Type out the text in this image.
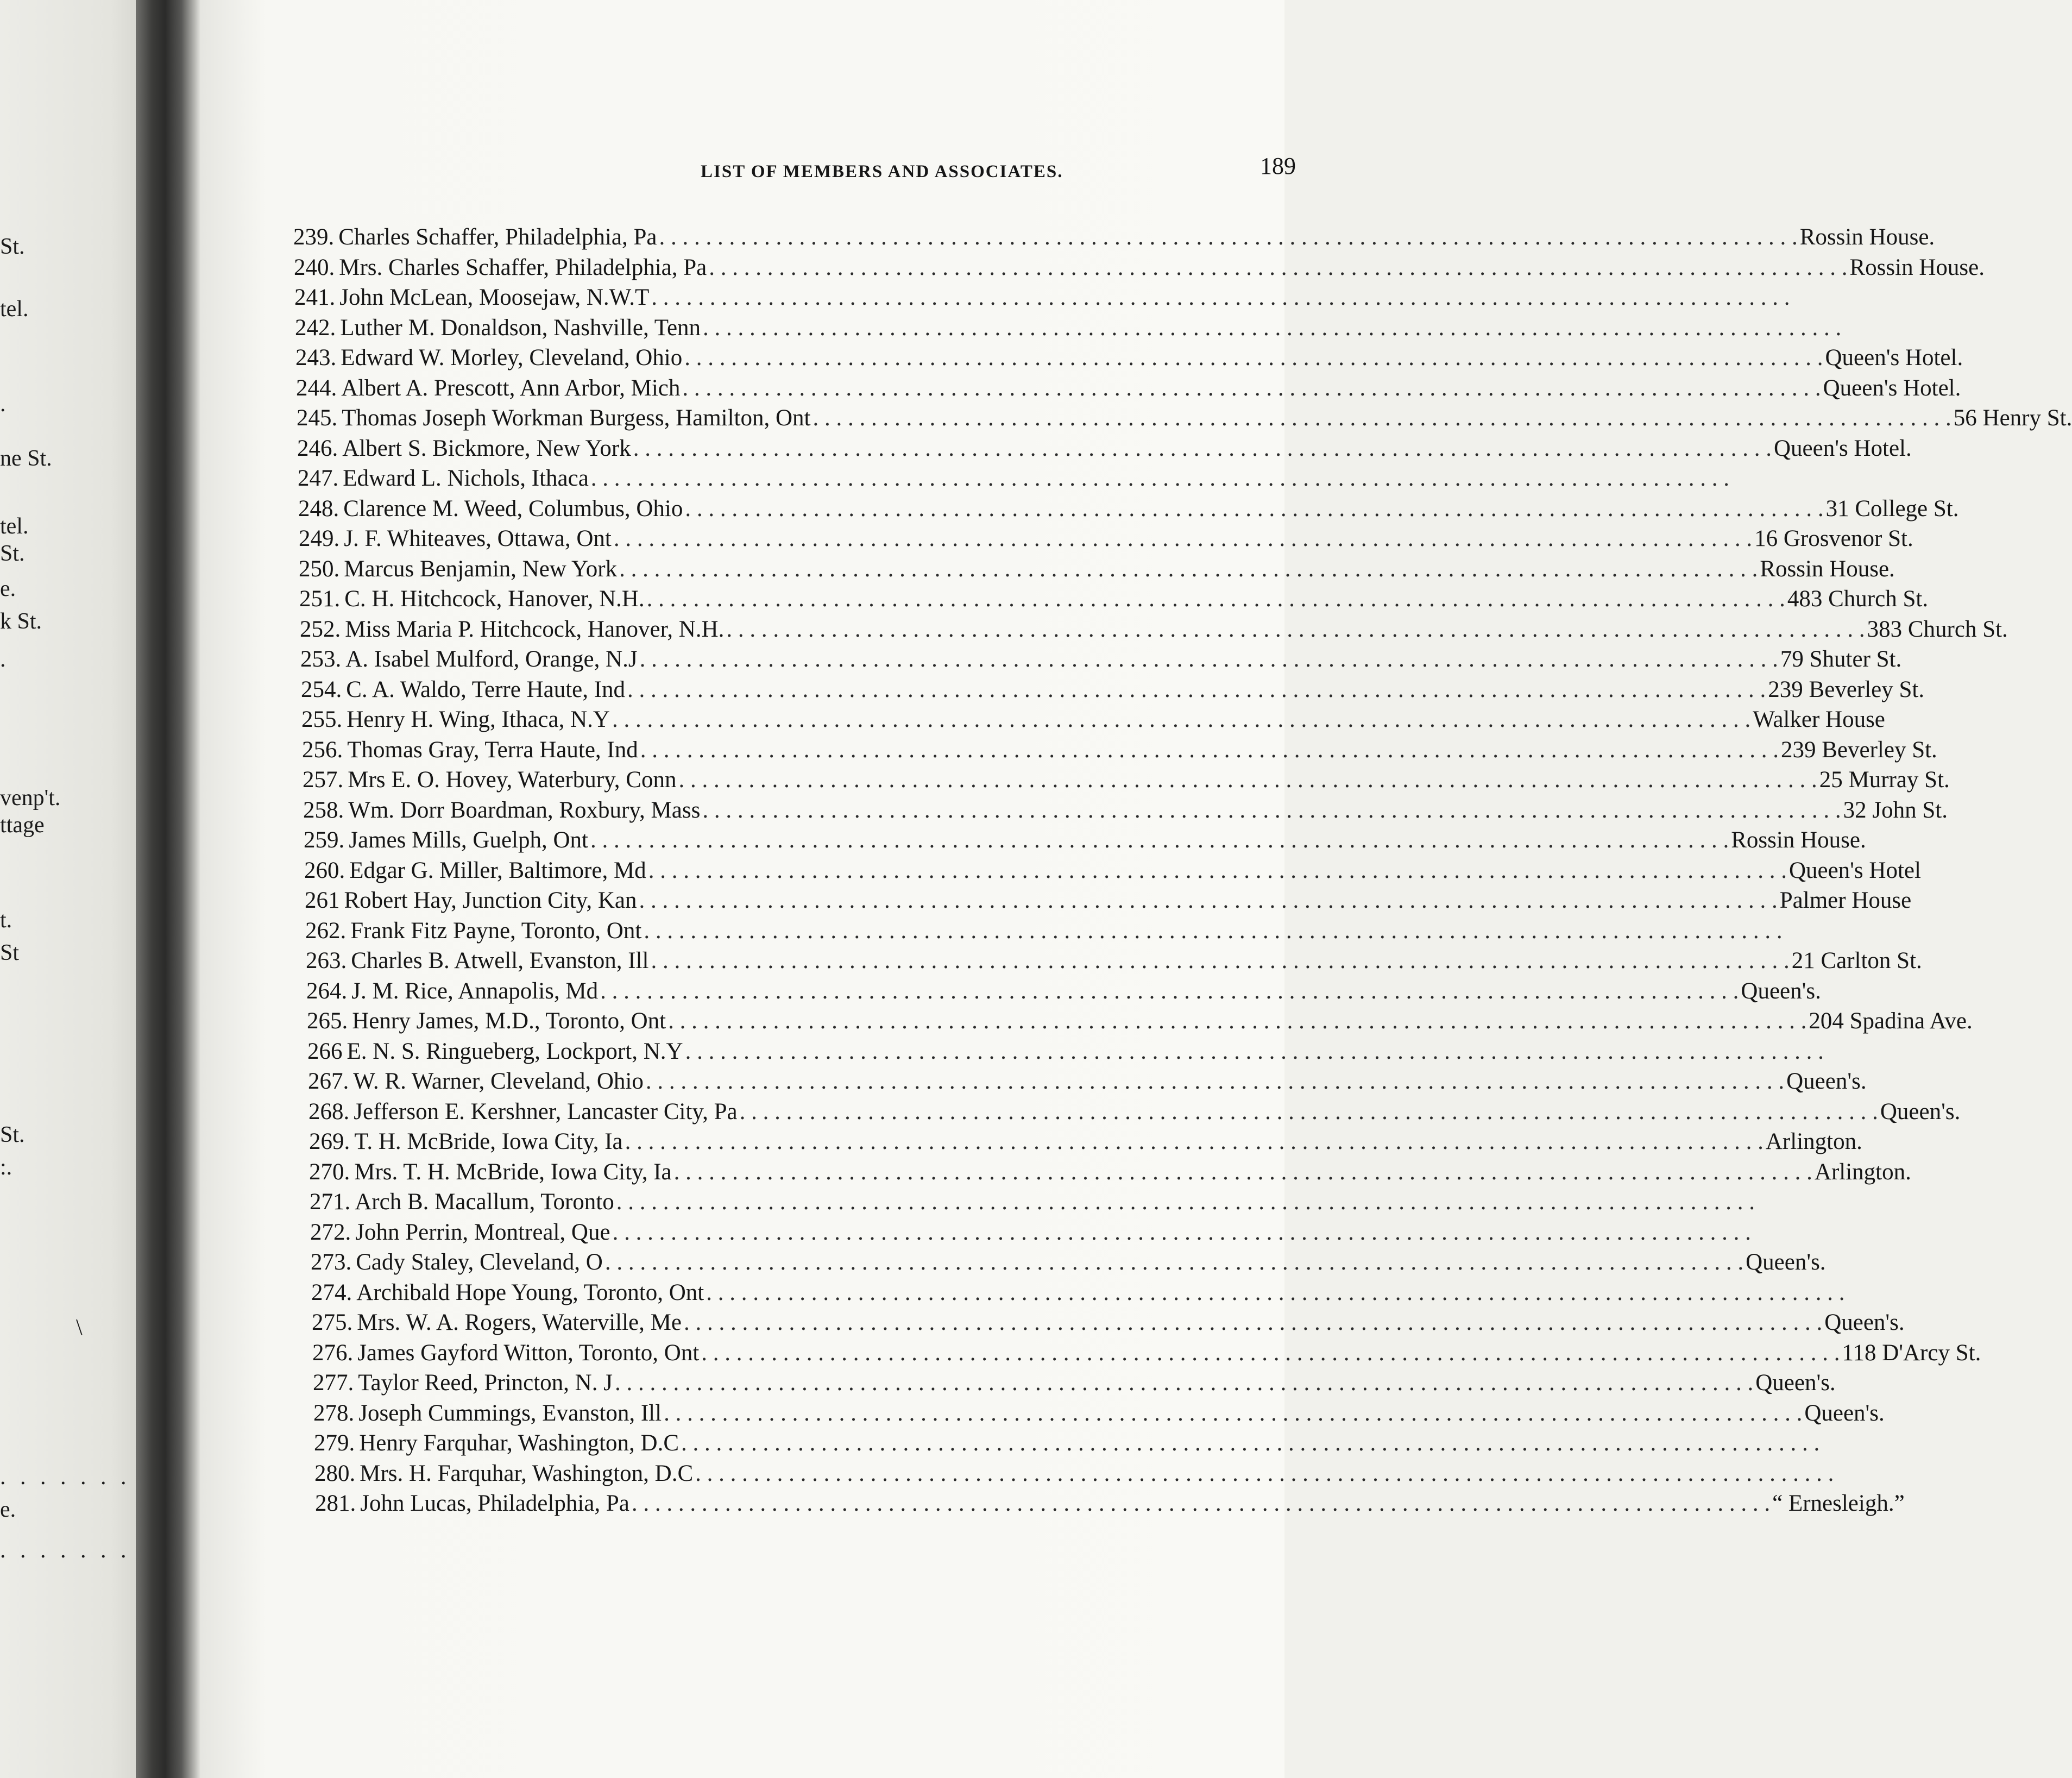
St.
tel.
.
ne St.
tel.
St.
e.
k St.
.
venp't.
ttage
t.
St
St.
:.
\
. . . . . . .
e.
. . . . . . .
LIST OF MEMBERS AND ASSOCIATES.	189
239. Charles Schaffer, Philadelphia, Pa . . .	Rossin House.
240. Mrs. Charles Schaffer, Philadelphia, Pa . . .	Rossin House.
241. John McLean, Moosejaw, N.W.T
. . .
242. Luther M. Donaldson, Nashville, Tenn
. . .
243. Edward W. Morley, Cleveland, Ohio . . .	Queen's Hotel.
244. Albert A. Prescott, Ann Arbor, Mich . . .	Queen's Hotel.
245. Thomas Joseph Workman Burgess, Hamilton, Ont . . .	56 Henry St.
246. Albert S. Bickmore, New York . . .	Queen's Hotel.
247. Edward L. Nichols, Ithaca
. . .
248. Clarence M. Weed, Columbus, Ohio . . .	31 College St.
249. J. F. Whiteaves, Ottawa, Ont . . .	16 Grosvenor St.
250. Marcus Benjamin, New York . . .	Rossin House.
251. C. H. Hitchcock, Hanover, N.H. . . .	483 Church St.
252. Miss Maria P. Hitchcock, Hanover, N.H. . . .	383 Church St.
253. A. Isabel Mulford, Orange, N.J . . .	79 Shuter St.
254. C. A. Waldo, Terre Haute, Ind . . .	239 Beverley St.
255. Henry H. Wing, Ithaca, N.Y . . .	Walker House
256. Thomas Gray, Terra Haute, Ind . . .	239 Beverley St.
257. Mrs E. O. Hovey, Waterbury, Conn . . .	25 Murray St.
258. Wm. Dorr Boardman, Roxbury, Mass . . .	32 John St.
259. James Mills, Guelph, Ont . . .	Rossin House.
260. Edgar G. Miller, Baltimore, Md . . .	Queen's Hotel
261 Robert Hay, Junction City, Kan . . .	Palmer House
262. Frank Fitz Payne, Toronto, Ont
. . .
263. Charles B. Atwell, Evanston, Ill . . .	21 Carlton St.
264. J. M. Rice, Annapolis, Md . . .	Queen's.
265. Henry James, M.D., Toronto, Ont . . .	204 Spadina Ave.
266 E. N. S. Ringueberg, Lockport, N.Y
. . .
267. W. R. Warner, Cleveland, Ohio . . .	Queen's.
268. Jefferson E. Kershner, Lancaster City, Pa . . .	Queen's.
269. T. H. McBride, Iowa City, Ia . . .	Arlington.
270. Mrs. T. H. McBride, Iowa City, Ia . . .	Arlington.
271. Arch B. Macallum, Toronto
. . .
272. John Perrin, Montreal, Que
. . .
273. Cady Staley, Cleveland, O . . .	Queen's.
274. Archibald Hope Young, Toronto, Ont
. . .
275. Mrs. W. A. Rogers, Waterville, Me . . .	Queen's.
276. James Gayford Witton, Toronto, Ont . . .	118 D'Arcy St.
277. Taylor Reed, Princton, N. J . . .	Queen's.
278. Joseph Cummings, Evanston, Ill . . .	Queen's.
279. Henry Farquhar, Washington, D.C
. . .
280. Mrs. H. Farquhar, Washington, D.C
. . .
281. John Lucas, Philadelphia, Pa . . .	“ Ernesleigh.”
